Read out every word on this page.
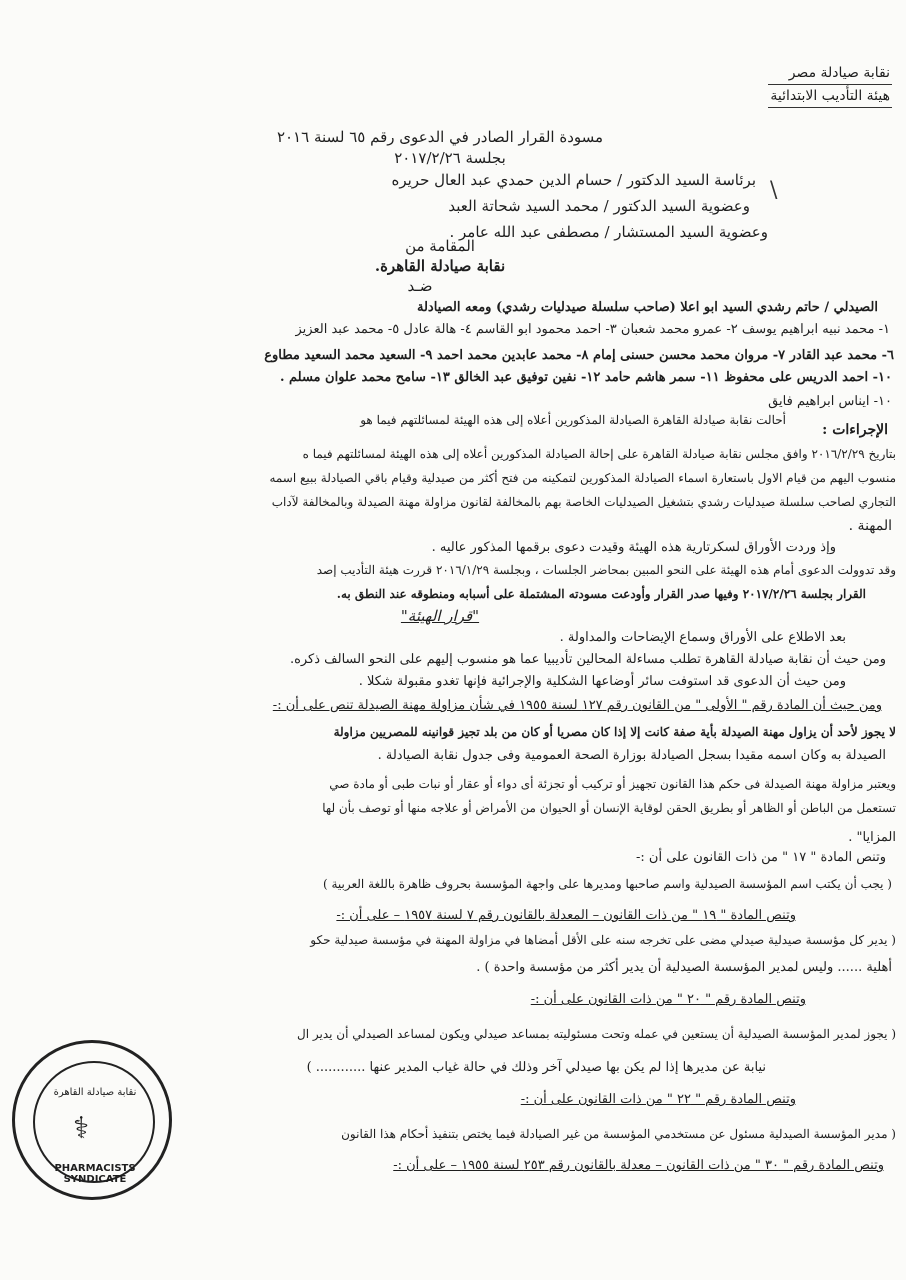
نقابة صيادلة مصر
هيئة التأديب الابتدائية
\
مسودة القرار الصادر في الدعوى رقم ٦٥ لسنة ٢٠١٦
بجلسة ٢٠١٧/٢/٢٦
برئاسة السيد الدكتور / حسام الدين حمدي عبد العال حريره
وعضوية السيد الدكتور / محمد السيد شحاتة العبد
وعضوية السيد المستشار / مصطفى عبد الله عامر .
المقامة من
نقابة صيادلة القاهرة.
ضـد
الصيدلي / حاتم رشدي السيد ابو اعلا (صاحب سلسلة صيدليات رشدي) ومعه الصيادلة
١- محمد نبيه ابراهيم يوسف ٢- عمرو محمد شعبان ٣- احمد محمود ابو القاسم ٤- هالة عادل ٥- محمد عبد العزيز
٦- محمد عبد القادر ٧- مروان محمد محسن حسنى إمام ٨- محمد عابدين محمد احمد ٩- السعيد محمد السعيد مطاوع
١٠- احمد الدريس على محفوظ ١١- سمر هاشم حامد ١٢- نفين توفيق عبد الخالق ١٣- سامح محمد علوان مسلم .
١٠- ايناس ابراهيم فايق
الإجراءات :
أحالت نقابة صيادلة القاهرة الصيادلة المذكورين أعلاه إلى هذه الهيئة لمسائلتهم فيما هو
بتاريخ ٢٠١٦/٢/٢٩ وافق مجلس نقابة صيادلة القاهرة على إحالة الصيادلة المذكورين أعلاه إلى هذه الهيئة لمسائلتهم فيما ه
منسوب اليهم من قيام الاول باستعارة اسماء الصيادلة المذكورين لتمكينه من فتح أكثر من صيدلية وقيام باقي الصيادلة ببيع اسمه
التجاري لصاحب سلسلة صيدليات رشدي بتشغيل الصيدليات الخاصة بهم بالمخالفة لقانون مزاولة مهنة الصيدلة وبالمخالفة لآداب
المهنة .
وإذ وردت الأوراق لسكرتارية هذه الهيئة وقيدت دعوى برقمها المذكور عاليه .
وقد تدوولت الدعوى أمام هذه الهيئة على النحو المبين بمحاضر الجلسات ، وبجلسة ٢٠١٦/١/٢٩ قررت هيئة التأديب إصد
القرار بجلسة ٢٠١٧/٢/٢٦ وفيها صدر القرار وأودعت مسودته المشتملة على أسبابه ومنطوقه عند النطق به.
"قرار الهيئة"
بعد الاطلاع على الأوراق وسماع الإيضاحات والمداولة .
ومن حيث أن نقابة صيادلة القاهرة تطلب مساءلة المحالين تأديبيا عما هو منسوب إليهم على النحو السالف ذكره.
ومن حيث أن الدعوى قد استوفت سائر أوضاعها الشكلية والإجرائية فإنها تغدو مقبولة شكلا .
ومن حيث أن المادة رقم " الأولى " من القانون رقم ١٢٧ لسنة ١٩٥٥ في شأن مزاولة مهنة الصيدلة تنص على أن :-
لا يجوز لأحد أن يزاول مهنة الصيدلة بأية صفة كانت إلا إذا كان مصريا أو كان من بلد تجيز قوانينه للمصريين مزاولة
الصيدلة به وكان اسمه مقيدا بسجل الصيادلة بوزارة الصحة العمومية وفى جدول نقابة الصيادلة .
ويعتبر مزاولة مهنة الصيدلة فى حكم هذا القانون تجهيز أو تركيب أو تجزئة أى دواء أو عقار أو نبات طبى أو مادة صي
تستعمل من الباطن أو الظاهر أو بطريق الحقن لوقاية الإنسان أو الحيوان من الأمراض أو علاجه منها أو توصف بأن لها
المزايا" .
وتنص المادة " ١٧ " من ذات القانون على أن :-
( يجب أن يكتب اسم المؤسسة الصيدلية واسم صاحبها ومديرها على واجهة المؤسسة بحروف ظاهرة باللغة العربية )
وتنص المادة " ١٩ " من ذات القانون – المعدلة بالقانون رقم ٧ لسنة ١٩٥٧ – على أن :-
( يدير كل مؤسسة صيدلية صيدلي مضى على تخرجه سنه على الأقل أمضاها في مزاولة المهنة في مؤسسة صيدلية حكو
أهلية ...... وليس لمدير المؤسسة الصيدلية أن يدير أكثر من مؤسسة واحدة ) .
وتنص المادة رقم " ٢٠ " من ذات القانون على أن :-
( يجوز لمدير المؤسسة الصيدلية أن يستعين في عمله وتحت مسئوليته بمساعد صيدلي ويكون لمساعد الصيدلي أن يدير ال
نيابة عن مديرها إذا لم يكن بها صيدلي آخر وذلك في حالة غياب المدير عنها ............ )
وتنص المادة رقم " ٢٢ " من ذات القانون على أن :-
( مدير المؤسسة الصيدلية مسئول عن مستخدمي المؤسسة من غير الصيادلة فيما يختص بتنفيذ أحكام هذا القانون
وتنص المادة رقم " ٣٠ " من ذات القانون – معدلة بالقانون رقم ٢٥٣ لسنة ١٩٥٥ – على أن :-
نقابة صيادلة القاهرة
⚕
PHARMACISTS SYNDICATE
